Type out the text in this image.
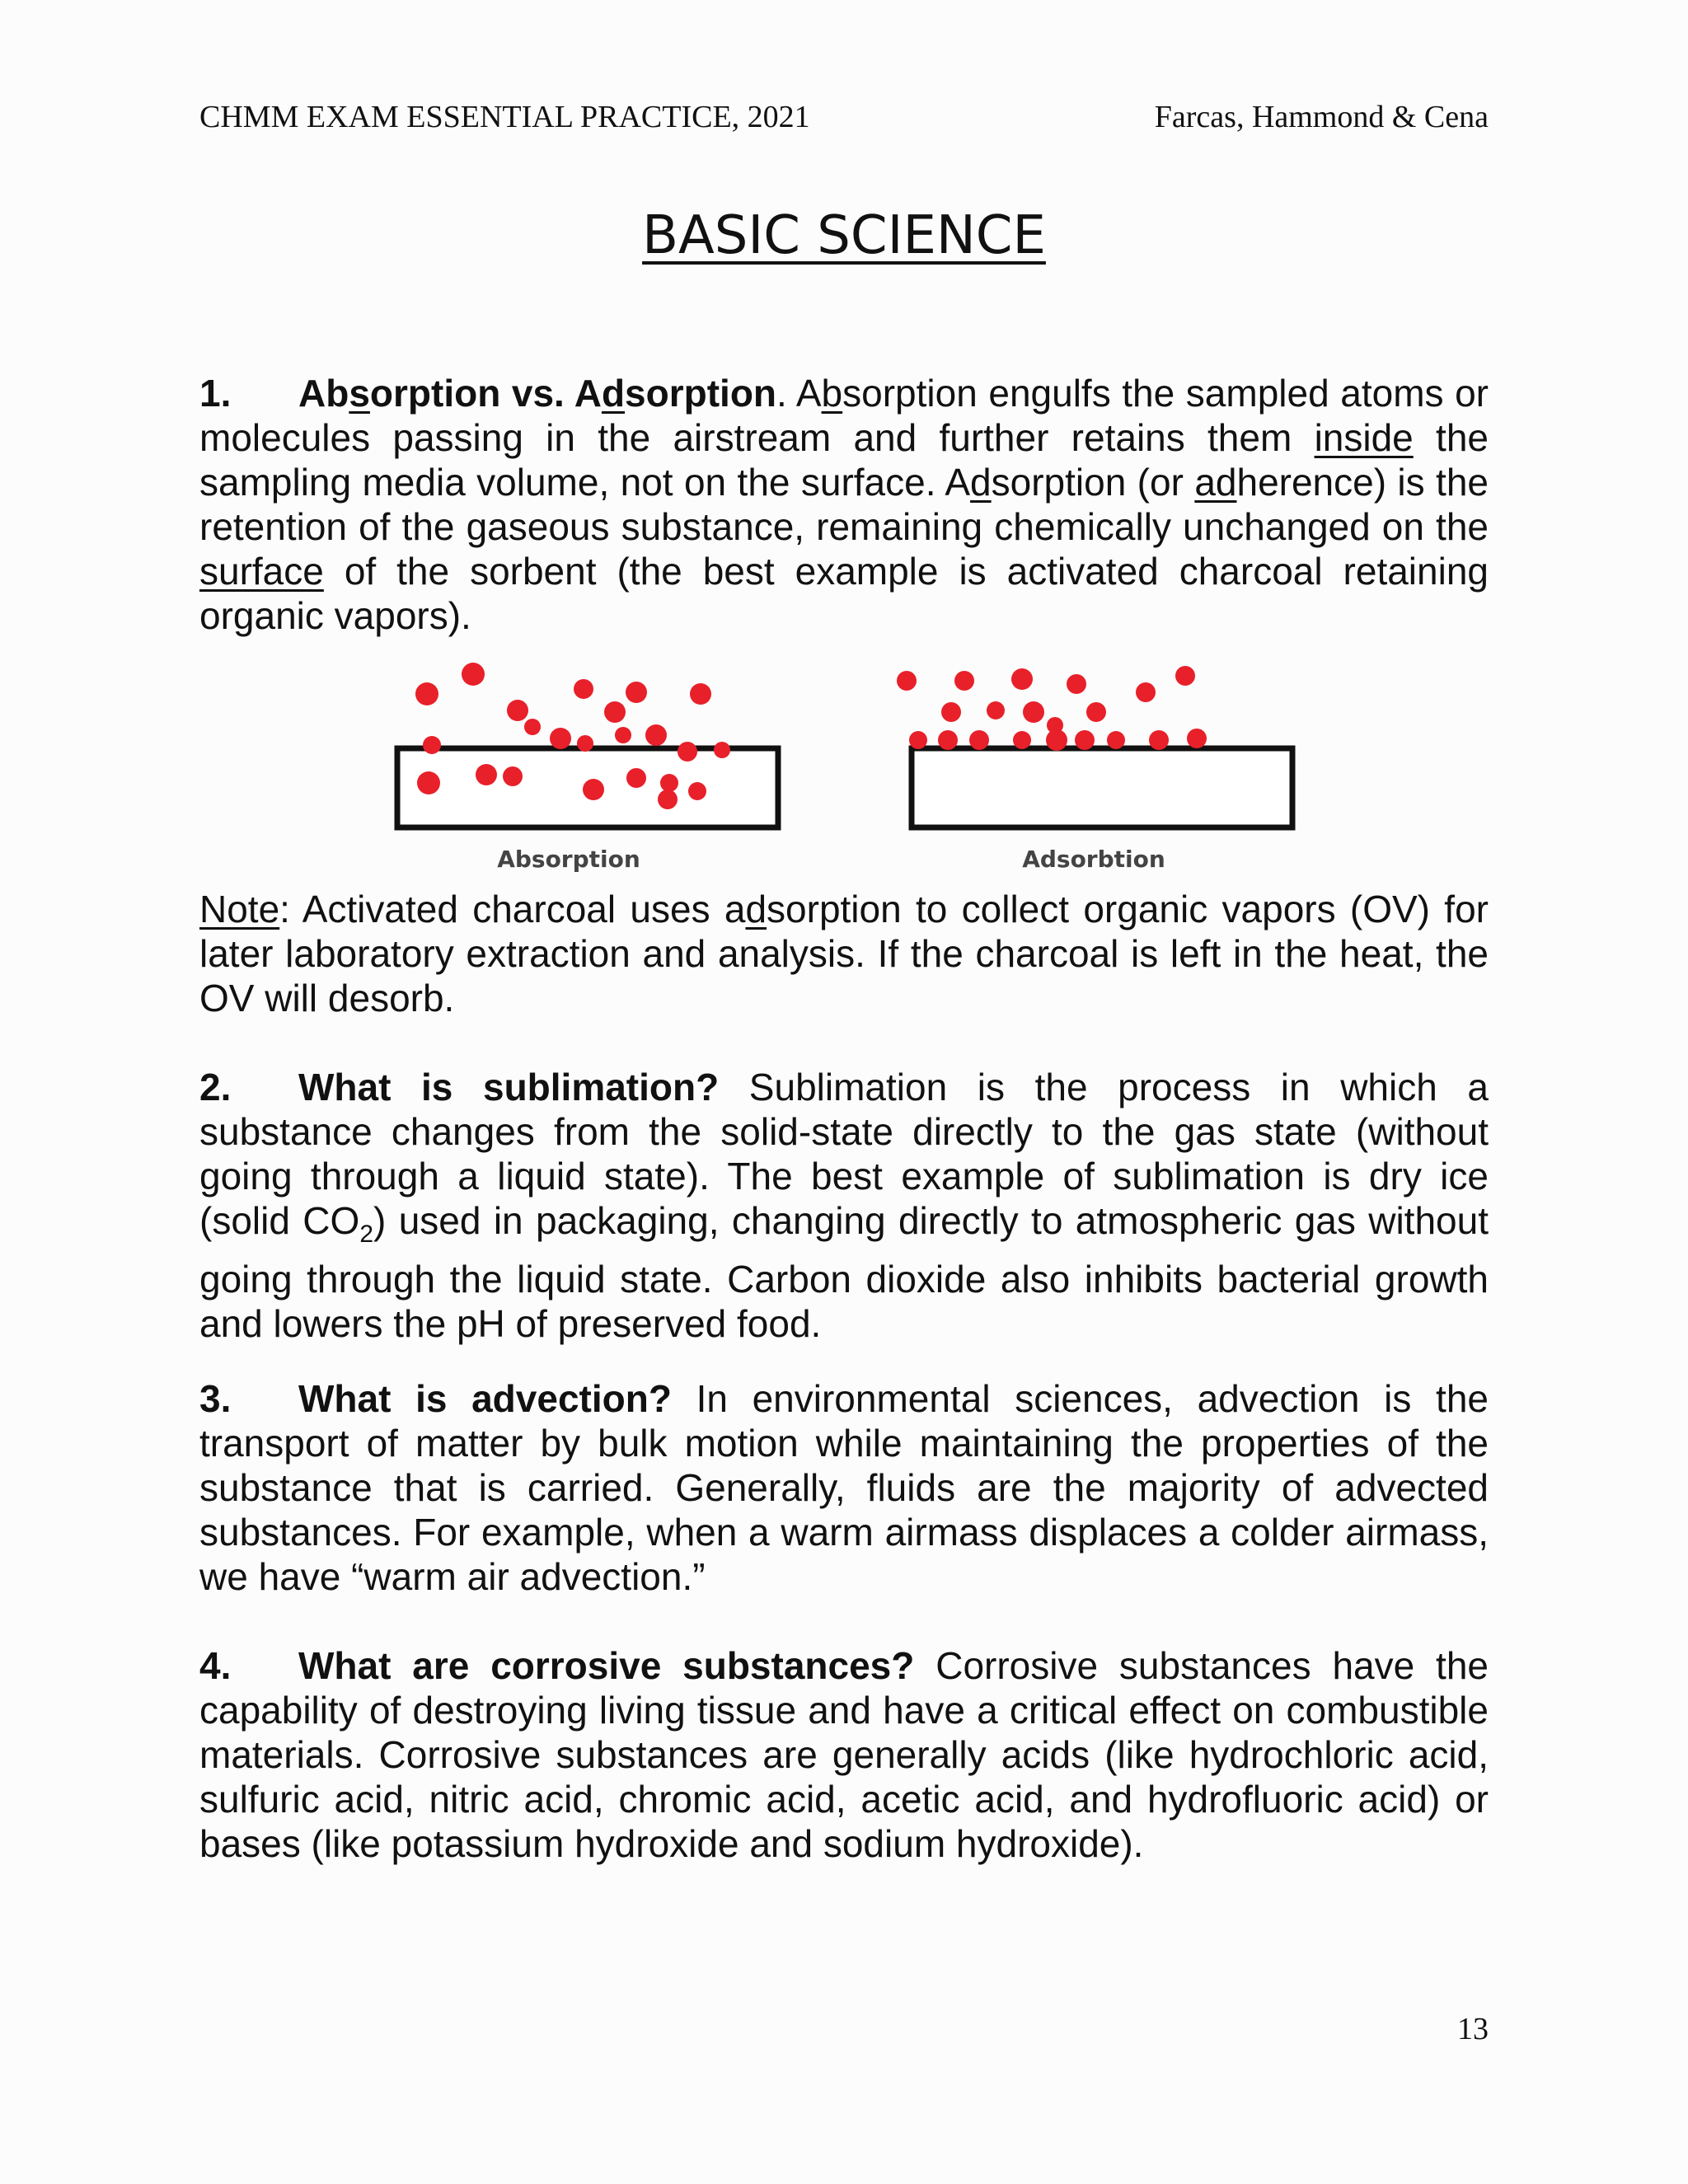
CHMM EXAM ESSENTIAL PRACTICE, 2021	Farcas, Hammond & Cena
BASIC SCIENCE

1. Absorption vs. Adsorption. Absorption engulfs the sampled atoms or molecules passing in the airstream and further retains them inside the sampling media volume, not on the surface. Adsorption (or adherence) is the retention of the gaseous substance, remaining chemically unchanged on the surface of the sorbent (the best example is activated charcoal retaining organic vapors).

Absorption	Adsorbtion

Note: Activated charcoal uses adsorption to collect organic vapors (OV) for later laboratory extraction and analysis. If the charcoal is left in the heat, the OV will desorb.

2. What is sublimation? Sublimation is the process in which a substance changes from the solid-state directly to the gas state (without going through a liquid state). The best example of sublimation is dry ice (solid $CO_2$) used in packaging, changing directly to atmospheric gas without going through the liquid state. Carbon dioxide also inhibits bacterial growth and lowers the pH of preserved food.

3. What is advection? In environmental sciences, advection is the transport of matter by bulk motion while maintaining the properties of the substance that is carried. Generally, fluids are the majority of advected substances. For example, when a warm airmass displaces a colder airmass, we have “warm air advection.”

4. What are corrosive substances? Corrosive substances have the capability of destroying living tissue and have a critical effect on combustible materials. Corrosive substances are generally acids (like hydrochloric acid, sulfuric acid, nitric acid, chromic acid, acetic acid, and hydrofluoric acid) or bases (like potassium hydroxide and sodium hydroxide).

13
